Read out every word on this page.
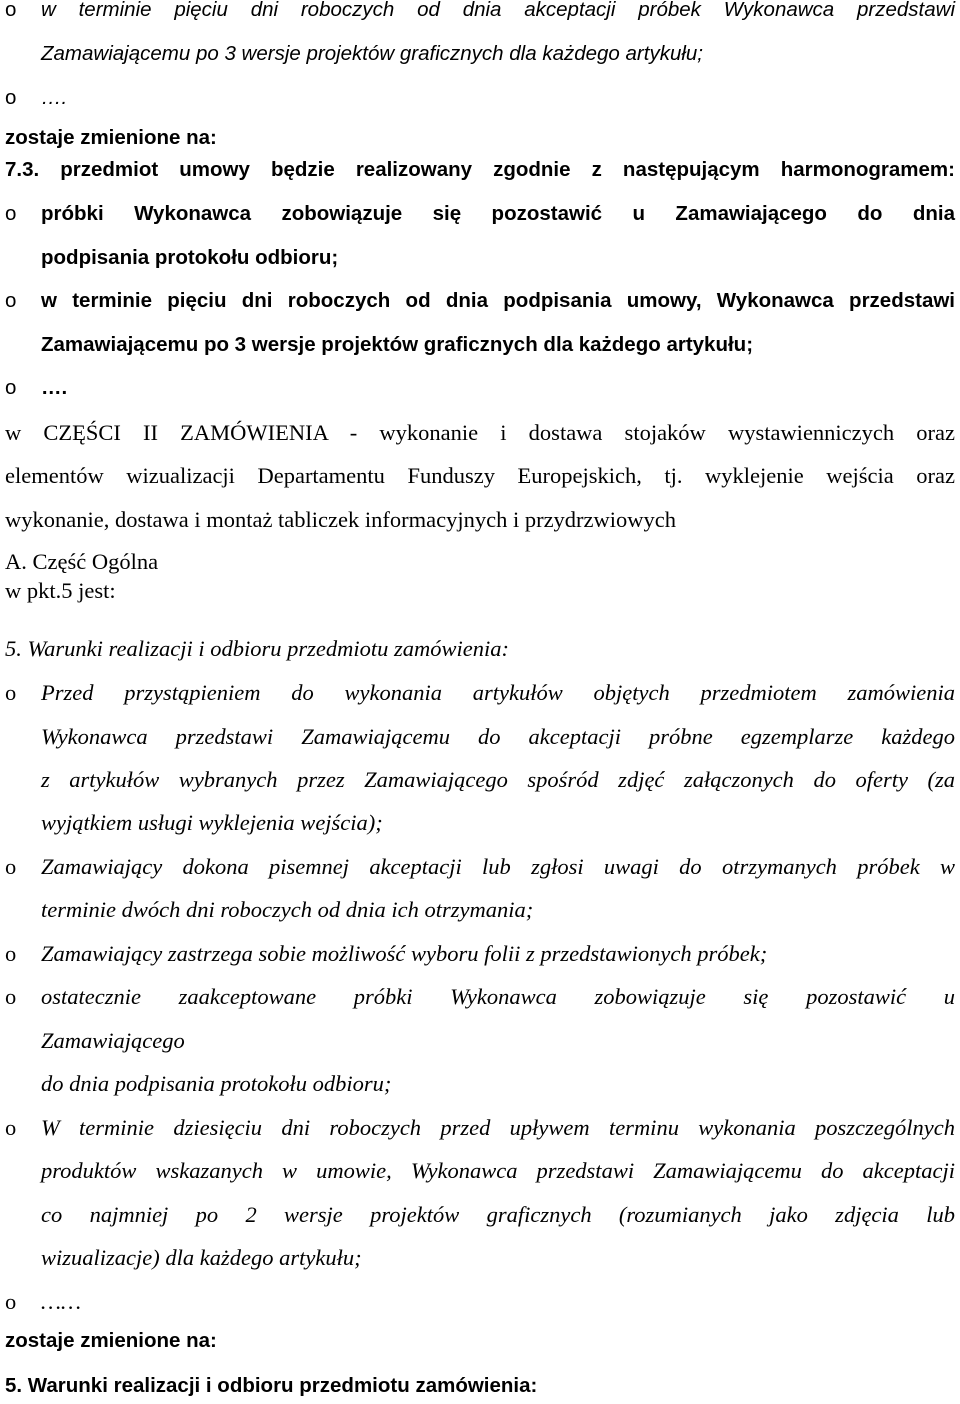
o w terminie pięciu dni roboczych od dnia akceptacji próbek Wykonawca przedstawi
Zamawiającemu po 3 wersje projektów graficznych dla każdego artykułu;
o ….
zostaje zmienione na:
7.3. przedmiot umowy będzie realizowany zgodnie z następującym harmonogramem:
o próbki Wykonawca zobowiązuje się pozostawić u Zamawiającego do dnia
podpisania protokołu odbioru;
o w terminie pięciu dni roboczych od dnia podpisania umowy, Wykonawca przedstawi
Zamawiającemu po 3 wersje projektów graficznych dla każdego artykułu;
o ….
w CZĘŚCI II ZAMÓWIENIA - wykonanie i dostawa stojaków wystawienniczych oraz
elementów wizualizacji Departamentu Funduszy Europejskich, tj. wyklejenie wejścia oraz
wykonanie, dostawa i montaż tabliczek informacyjnych i przydrzwiowych
A. Część Ogólna
w pkt.5 jest:
5. Warunki realizacji i odbioru przedmiotu zamówienia:
o Przed przystąpieniem do wykonania artykułów objętych przedmiotem zamówienia
Wykonawca przedstawi Zamawiającemu do akceptacji próbne egzemplarze każdego
z artykułów wybranych przez Zamawiającego spośród zdjęć załączonych do oferty (za
wyjątkiem usługi wyklejenia wejścia);
o Zamawiający dokona pisemnej akceptacji lub zgłosi uwagi do otrzymanych próbek w
terminie dwóch dni roboczych od dnia ich otrzymania;
o Zamawiający zastrzega sobie możliwość wyboru folii z przedstawionych próbek;
o ostatecznie zaakceptowane próbki Wykonawca zobowiązuje się pozostawić u
Zamawiającego
do dnia podpisania protokołu odbioru;
o W terminie dziesięciu dni roboczych przed upływem terminu wykonania poszczególnych
produktów wskazanych w umowie, Wykonawca przedstawi Zamawiającemu do akceptacji
co najmniej po 2 wersje projektów graficznych (rozumianych jako zdjęcia lub
wizualizacje) dla każdego artykułu;
o ……
zostaje zmienione na:
5. Warunki realizacji i odbioru przedmiotu zamówienia:
